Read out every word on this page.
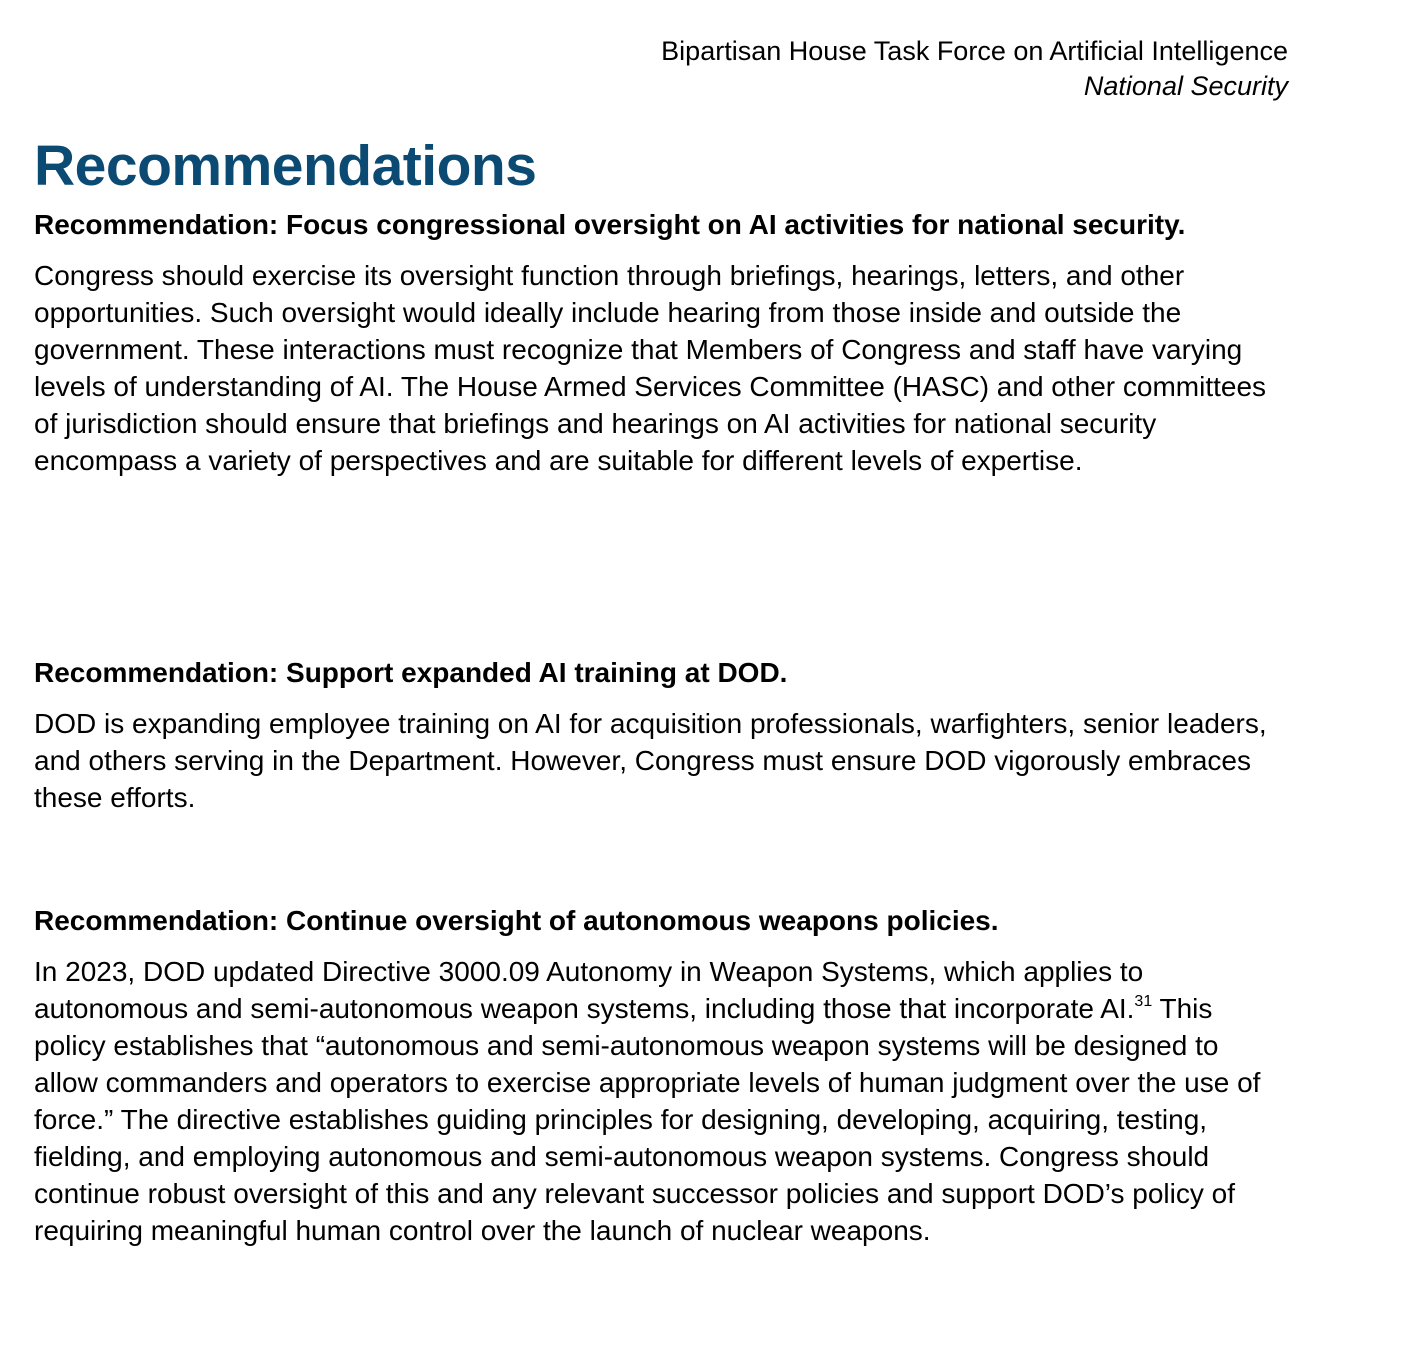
Bipartisan House Task Force on Artificial Intelligence
National Security
Recommendations
Recommendation: Focus congressional oversight on AI activities for national security.

Congress should exercise its oversight function through briefings, hearings, letters, and other opportunities. Such oversight would ideally include hearing from those inside and outside the government. These interactions must recognize that Members of Congress and staff have varying levels of understanding of AI. The House Armed Services Committee (HASC) and other committees of jurisdiction should ensure that briefings and hearings on AI activities for national security encompass a variety of perspectives and are suitable for different levels of expertise.

Recommendation: Support expanded AI training at DOD.

DOD is expanding employee training on AI for acquisition professionals, warfighters, senior leaders, and others serving in the Department. However, Congress must ensure DOD vigorously embraces these efforts.

Recommendation: Continue oversight of autonomous weapons policies.

In 2023, DOD updated Directive 3000.09 Autonomy in Weapon Systems, which applies to autonomous and semi-autonomous weapon systems, including those that incorporate AI.$^{31}$ This policy establishes that “autonomous and semi-autonomous weapon systems will be designed to allow commanders and operators to exercise appropriate levels of human judgment over the use of force.” The directive establishes guiding principles for designing, developing, acquiring, testing, fielding, and employing autonomous and semi-autonomous weapon systems. Congress should continue robust oversight of this and any relevant successor policies and support DOD’s policy of requiring meaningful human control over the launch of nuclear weapons.
